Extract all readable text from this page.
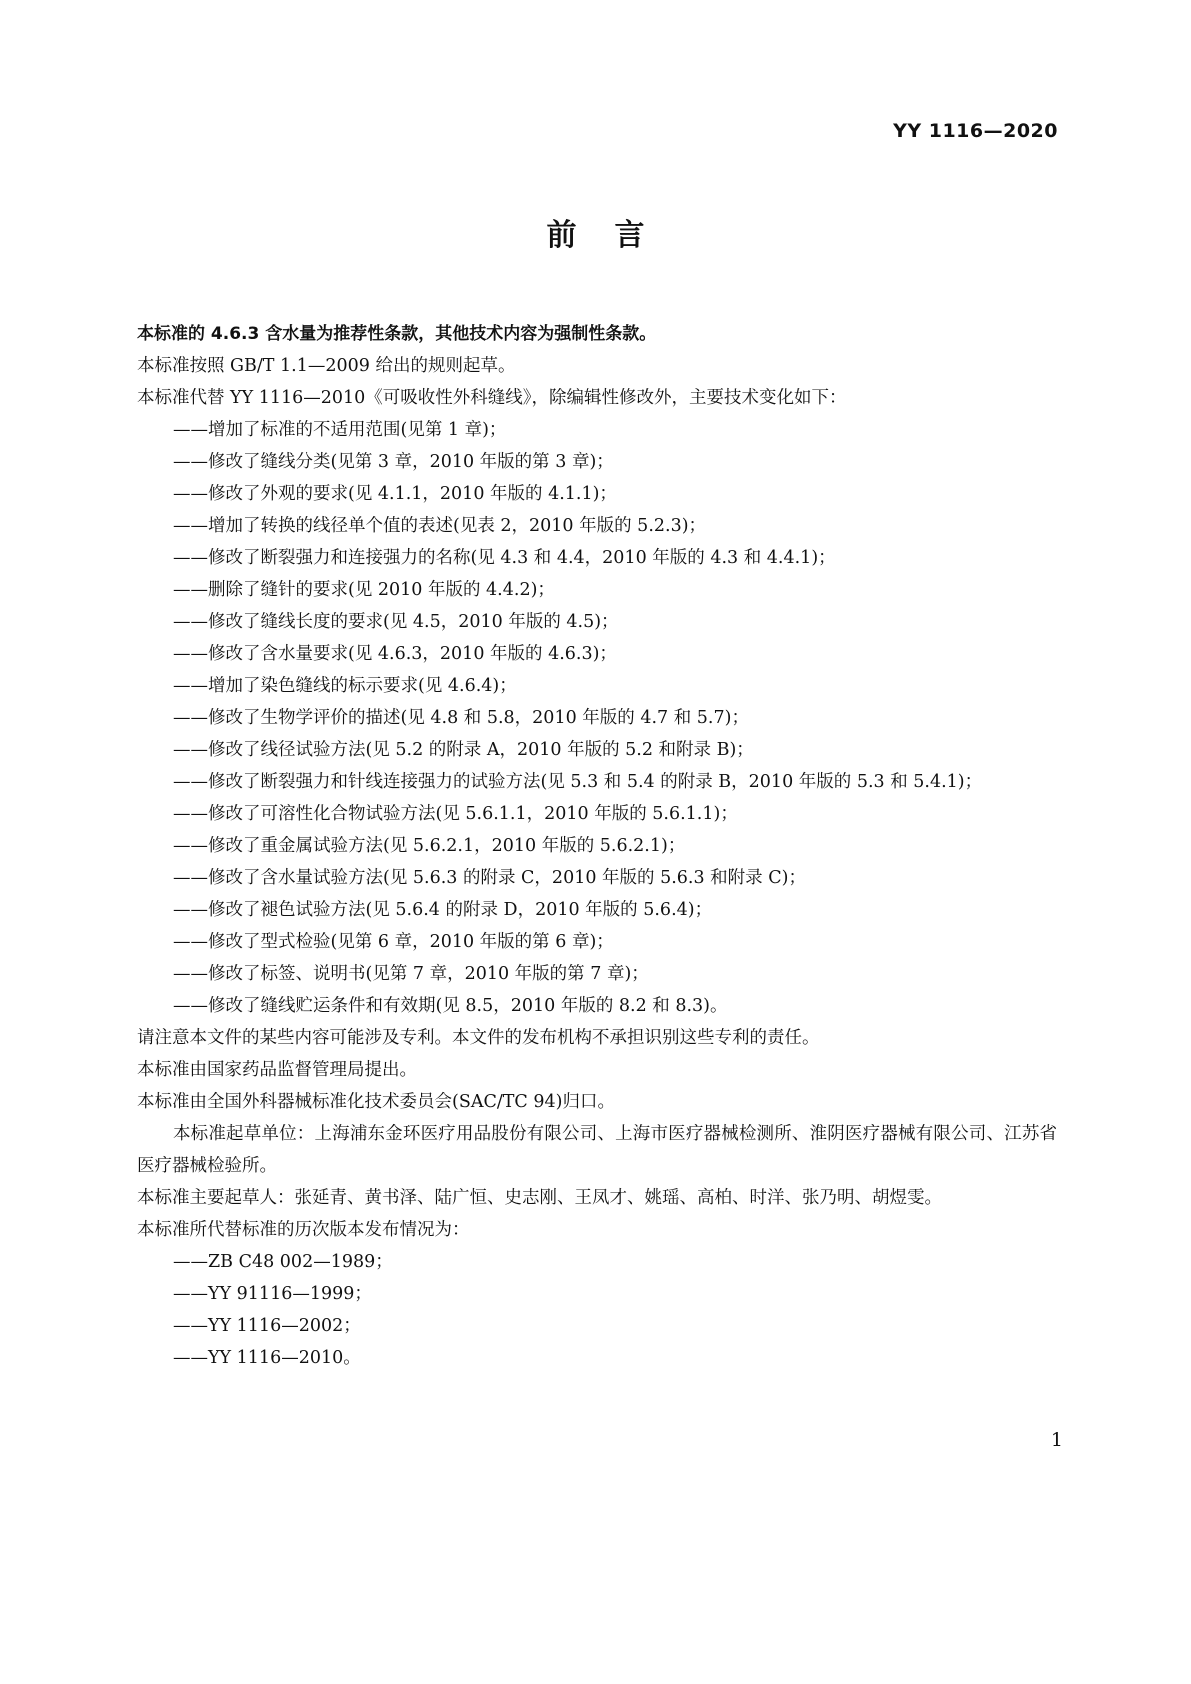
YY 1116—2020
前言

本标准的 4.6.3 含水量为推荐性条款，其他技术内容为强制性条款。

本标准按照 GB/T 1.1—2009 给出的规则起草。

本标准代替 YY 1116—2010《可吸收性外科缝线》，除编辑性修改外，主要技术变化如下：

——增加了标准的不适用范围(见第 1 章)；

——修改了缝线分类(见第 3 章，2010 年版的第 3 章)；

——修改了外观的要求(见 4.1.1，2010 年版的 4.1.1)；

——增加了转换的线径单个值的表述(见表 2，2010 年版的 5.2.3)；

——修改了断裂强力和连接强力的名称(见 4.3 和 4.4，2010 年版的 4.3 和 4.4.1)；

——删除了缝针的要求(见 2010 年版的 4.4.2)；

——修改了缝线长度的要求(见 4.5，2010 年版的 4.5)；

——修改了含水量要求(见 4.6.3，2010 年版的 4.6.3)；

——增加了染色缝线的标示要求(见 4.6.4)；

——修改了生物学评价的描述(见 4.8 和 5.8，2010 年版的 4.7 和 5.7)；

——修改了线径试验方法(见 5.2 的附录 A，2010 年版的 5.2 和附录 B)；

——修改了断裂强力和针线连接强力的试验方法(见 5.3 和 5.4 的附录 B，2010 年版的 5.3 和 5.4.1)；

——修改了可溶性化合物试验方法(见 5.6.1.1，2010 年版的 5.6.1.1)；

——修改了重金属试验方法(见 5.6.2.1，2010 年版的 5.6.2.1)；

——修改了含水量试验方法(见 5.6.3 的附录 C，2010 年版的 5.6.3 和附录 C)；

——修改了褪色试验方法(见 5.6.4 的附录 D，2010 年版的 5.6.4)；

——修改了型式检验(见第 6 章，2010 年版的第 6 章)；

——修改了标签、说明书(见第 7 章，2010 年版的第 7 章)；

——修改了缝线贮运条件和有效期(见 8.5，2010 年版的 8.2 和 8.3)。

请注意本文件的某些内容可能涉及专利。本文件的发布机构不承担识别这些专利的责任。

本标准由国家药品监督管理局提出。

本标准由全国外科器械标准化技术委员会(SAC/TC 94)归口。

本标准起草单位：上海浦东金环医疗用品股份有限公司、上海市医疗器械检测所、淮阴医疗器械有限公司、江苏省医疗器械检验所。

本标准主要起草人：张延青、黄书泽、陆广恒、史志刚、王凤才、姚瑶、高柏、时洋、张乃明、胡煜雯。

本标准所代替标准的历次版本发布情况为：

——ZB C48 002—1989；

——YY 91116—1999；

——YY 1116—2002；

——YY 1116—2010。

1
